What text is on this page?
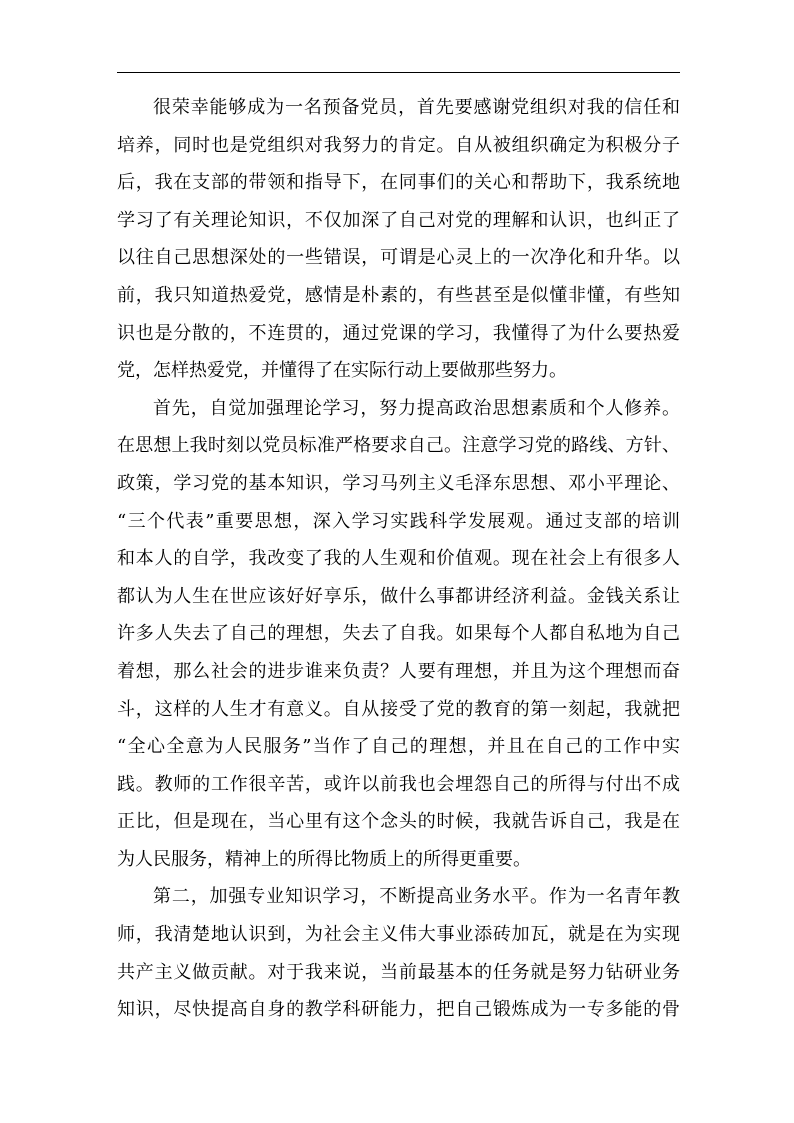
很荣幸能够成为一名预备党员，首先要感谢党组织对我的信任和
培养，同时也是党组织对我努力的肯定。自从被组织确定为积极分子
后，我在支部的带领和指导下，在同事们的关心和帮助下，我系统地
学习了有关理论知识，不仅加深了自己对党的理解和认识，也纠正了
以往自己思想深处的一些错误，可谓是心灵上的一次净化和升华。以
前，我只知道热爱党，感情是朴素的，有些甚至是似懂非懂，有些知
识也是分散的，不连贯的，通过党课的学习，我懂得了为什么要热爱
党，怎样热爱党，并懂得了在实际行动上要做那些努力。
首先，自觉加强理论学习，努力提高政治思想素质和个人修养。
在思想上我时刻以党员标准严格要求自己。注意学习党的路线、方针、
政策，学习党的基本知识，学习马列主义毛泽东思想、邓小平理论、
“三个代表”重要思想，深入学习实践科学发展观。通过支部的培训
和本人的自学，我改变了我的人生观和价值观。现在社会上有很多人
都认为人生在世应该好好享乐，做什么事都讲经济利益。金钱关系让
许多人失去了自己的理想，失去了自我。如果每个人都自私地为自己
着想，那么社会的进步谁来负责？人要有理想，并且为这个理想而奋
斗，这样的人生才有意义。自从接受了党的教育的第一刻起，我就把
“全心全意为人民服务”当作了自己的理想，并且在自己的工作中实
践。教师的工作很辛苦，或许以前我也会埋怨自己的所得与付出不成
正比，但是现在，当心里有这个念头的时候，我就告诉自己，我是在
为人民服务，精神上的所得比物质上的所得更重要。
第二，加强专业知识学习，不断提高业务水平。作为一名青年教
师，我清楚地认识到，为社会主义伟大事业添砖加瓦，就是在为实现
共产主义做贡献。对于我来说，当前最基本的任务就是努力钻研业务
知识，尽快提高自身的教学科研能力，把自己锻炼成为一专多能的骨
